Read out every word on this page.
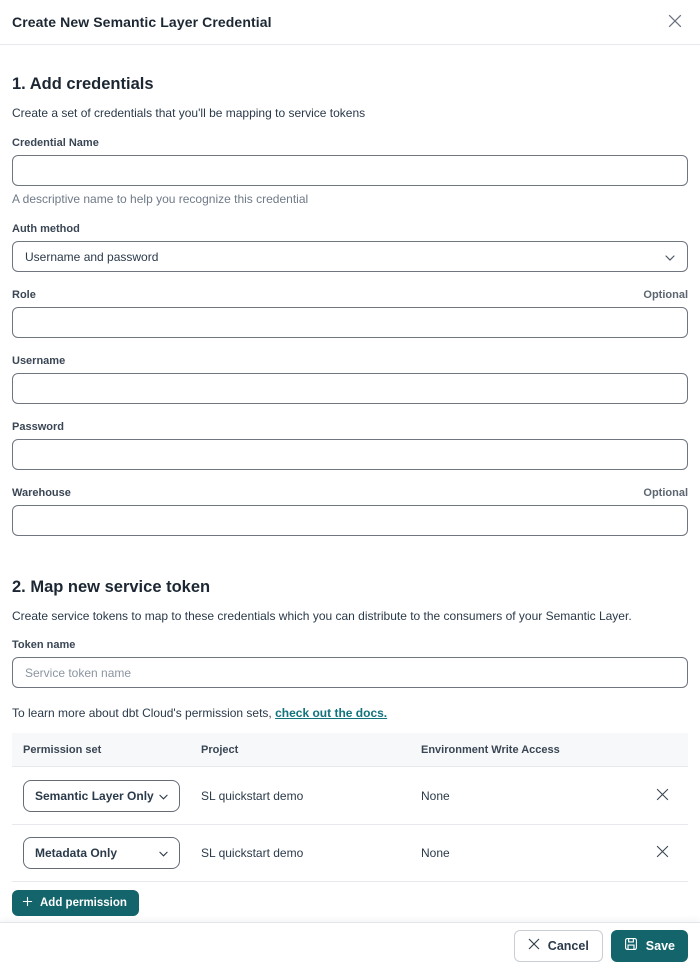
Create New Semantic Layer Credential
1. Add credentials

Create a set of credentials that you'll be mapping to service tokens

Credential Name
A descriptive name to help you recognize this credential
Auth method
Username and password
Role	Optional
Username
Password
Warehouse	Optional
2. Map new service token

Create service tokens to map to these credentials which you can distribute to the consumers of your Semantic Layer.

Token name
Service token name

To learn more about dbt Cloud's permission sets, check out the docs.

Permission set	Project	Environment Write Access
Semantic Layer Only	SL quickstart demo	None
Metadata Only	SL quickstart demo	None
Add permission
Cancel	Save
